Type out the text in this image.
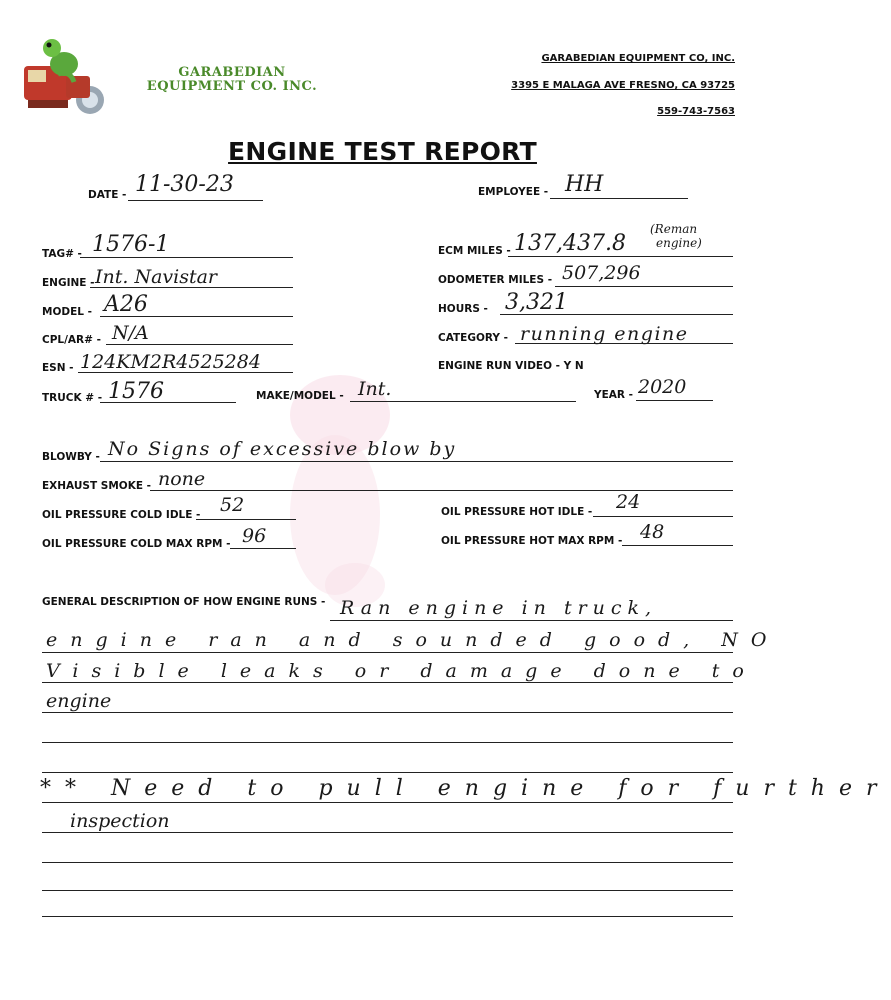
GARABEDIAN
EQUIPMENT CO. INC.
GARABEDIAN EQUIPMENT CO, INC.
3395 E MALAGA AVE FRESNO, CA 93725
559-743-7563
ENGINE TEST REPORT
DATE - 11-30-23	EMPLOYEE - HH
TAG# - 1576-1	ECM MILES - 137,437.8
(Reman
engine)
ENGINE - Int. Navistar	ODOMETER MILES - 507,296
MODEL - A26	HOURS - 3,321
CPL/AR# - N/A	CATEGORY - running engine
ESN - 124KM2R4525284	ENGINE RUN VIDEO - Y N
TRUCK # - 1576	MAKE/MODEL - Int.	YEAR - 2020
BLOWBY - No Signs of excessive blow by
EXHAUST SMOKE - none
OIL PRESSURE COLD IDLE - 52	OIL PRESSURE HOT IDLE - 24
OIL PRESSURE COLD MAX RPM - 96	OIL PRESSURE HOT MAX RPM - 48
GENERAL DESCRIPTION OF HOW ENGINE RUNS - Ran engine in truck,
engine ran and sounded good, NO
Visible leaks or damage done to
engine
** Need to pull engine for further
inspection
